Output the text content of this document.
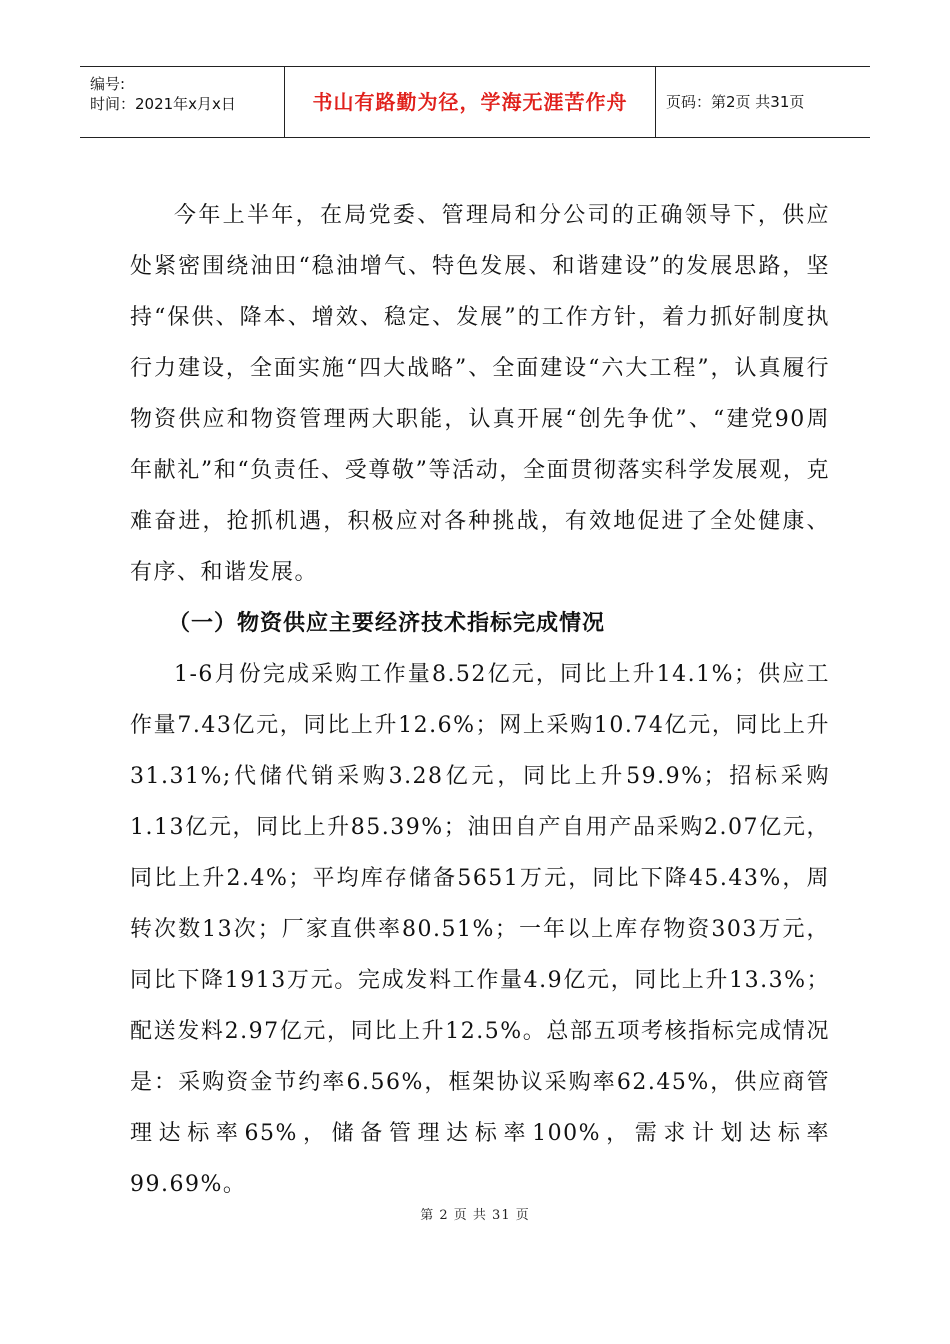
编号:
时间：2021年x月x日	书山有路勤为径，学海无涯苦作舟	页码：第2页 共31页

今年上半年，在局党委、管理局和分公司的正确领导下，供应处紧密围绕油田“稳油增气、特色发展、和谐建设”的发展思路，坚持“保供、降本、增效、稳定、发展”的工作方针，着力抓好制度执行力建设，全面实施“四大战略”、全面建设“六大工程”，认真履行物资供应和物资管理两大职能，认真开展“创先争优”、“建党90周年献礼”和“负责任、受尊敬”等活动，全面贯彻落实科学发展观，克难奋进，抢抓机遇，积极应对各种挑战，有效地促进了全处健康、有序、和谐发展。

（一）物资供应主要经济技术指标完成情况

1-6月份完成采购工作量8.52亿元，同比上升14.1%；供应工作量7.43亿元，同比上升12.6%；网上采购10.74亿元，同比上升31.31%;代储代销采购3.28亿元，同比上升59.9%；招标采购1.13亿元，同比上升85.39%；油田自产自用产品采购2.07亿元，同比上升2.4%；平均库存储备5651万元，同比下降45.43%，周转次数13次；厂家直供率80.51%；一年以上库存物资303万元，同比下降1913万元。完成发料工作量4.9亿元，同比上升13.3%；配送发料2.97亿元，同比上升12.5%。总部五项考核指标完成情况是：采购资金节约率6.56%，框架协议采购率62.45%，供应商管理达标率65%，储备管理达标率100%，需求计划达标率99.69%。

第 2 页 共 31 页
